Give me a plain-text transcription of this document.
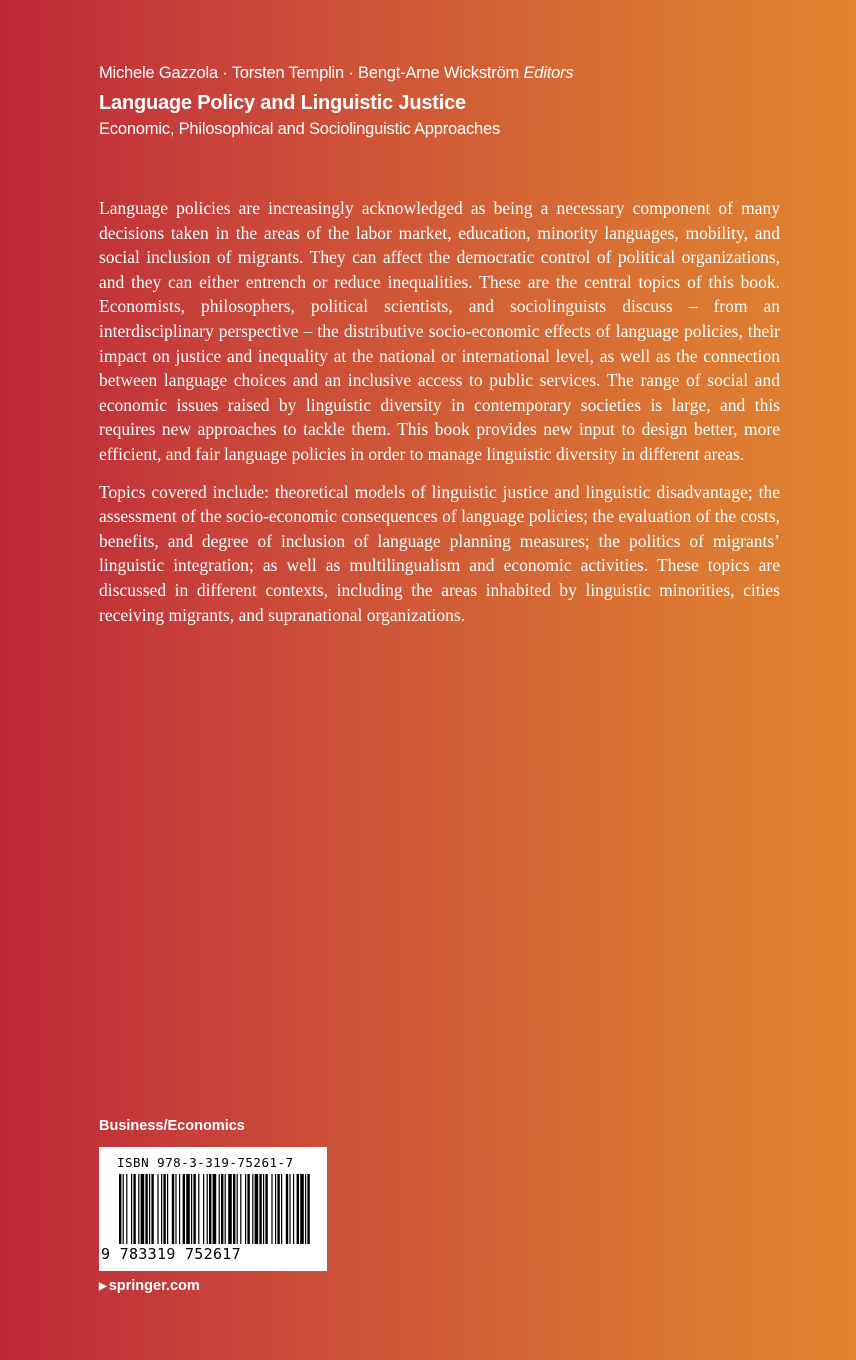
Michele Gazzola · Torsten Templin · Bengt-Arne Wickström Editors
Language Policy and Linguistic Justice
Economic, Philosophical and Sociolinguistic Approaches

Language policies are increasingly acknowledged as being a necessary component of many decisions taken in the areas of the labor market, education, minority languages, mobility, and social inclusion of migrants. They can affect the democratic control of political organizations, and they can either entrench or reduce inequalities. These are the central topics of this book. Economists, philosophers, political scientists, and sociolinguists discuss – from an interdisciplinary perspective – the distributive socio-economic effects of language policies, their impact on justice and inequality at the national or international level, as well as the connection between language choices and an inclusive access to public services. The range of social and economic issues raised by linguistic diversity in contemporary societies is large, and this requires new approaches to tackle them. This book provides new input to design better, more efficient, and fair language policies in order to manage linguistic diversity in different areas.

Topics covered include: theoretical models of linguistic justice and linguistic disadvantage; the assessment of the socio-economic consequences of language policies; the evaluation of the costs, benefits, and degree of inclusion of language planning measures; the politics of migrants’ linguistic integration; as well as multilingualism and economic activities. These topics are discussed in different contexts, including the areas inhabited by linguistic minorities, cities receiving migrants, and supranational organizations.

Business/Economics
ISBN 978-3-319-75261-7
9 783319 752617
▶ springer.com
